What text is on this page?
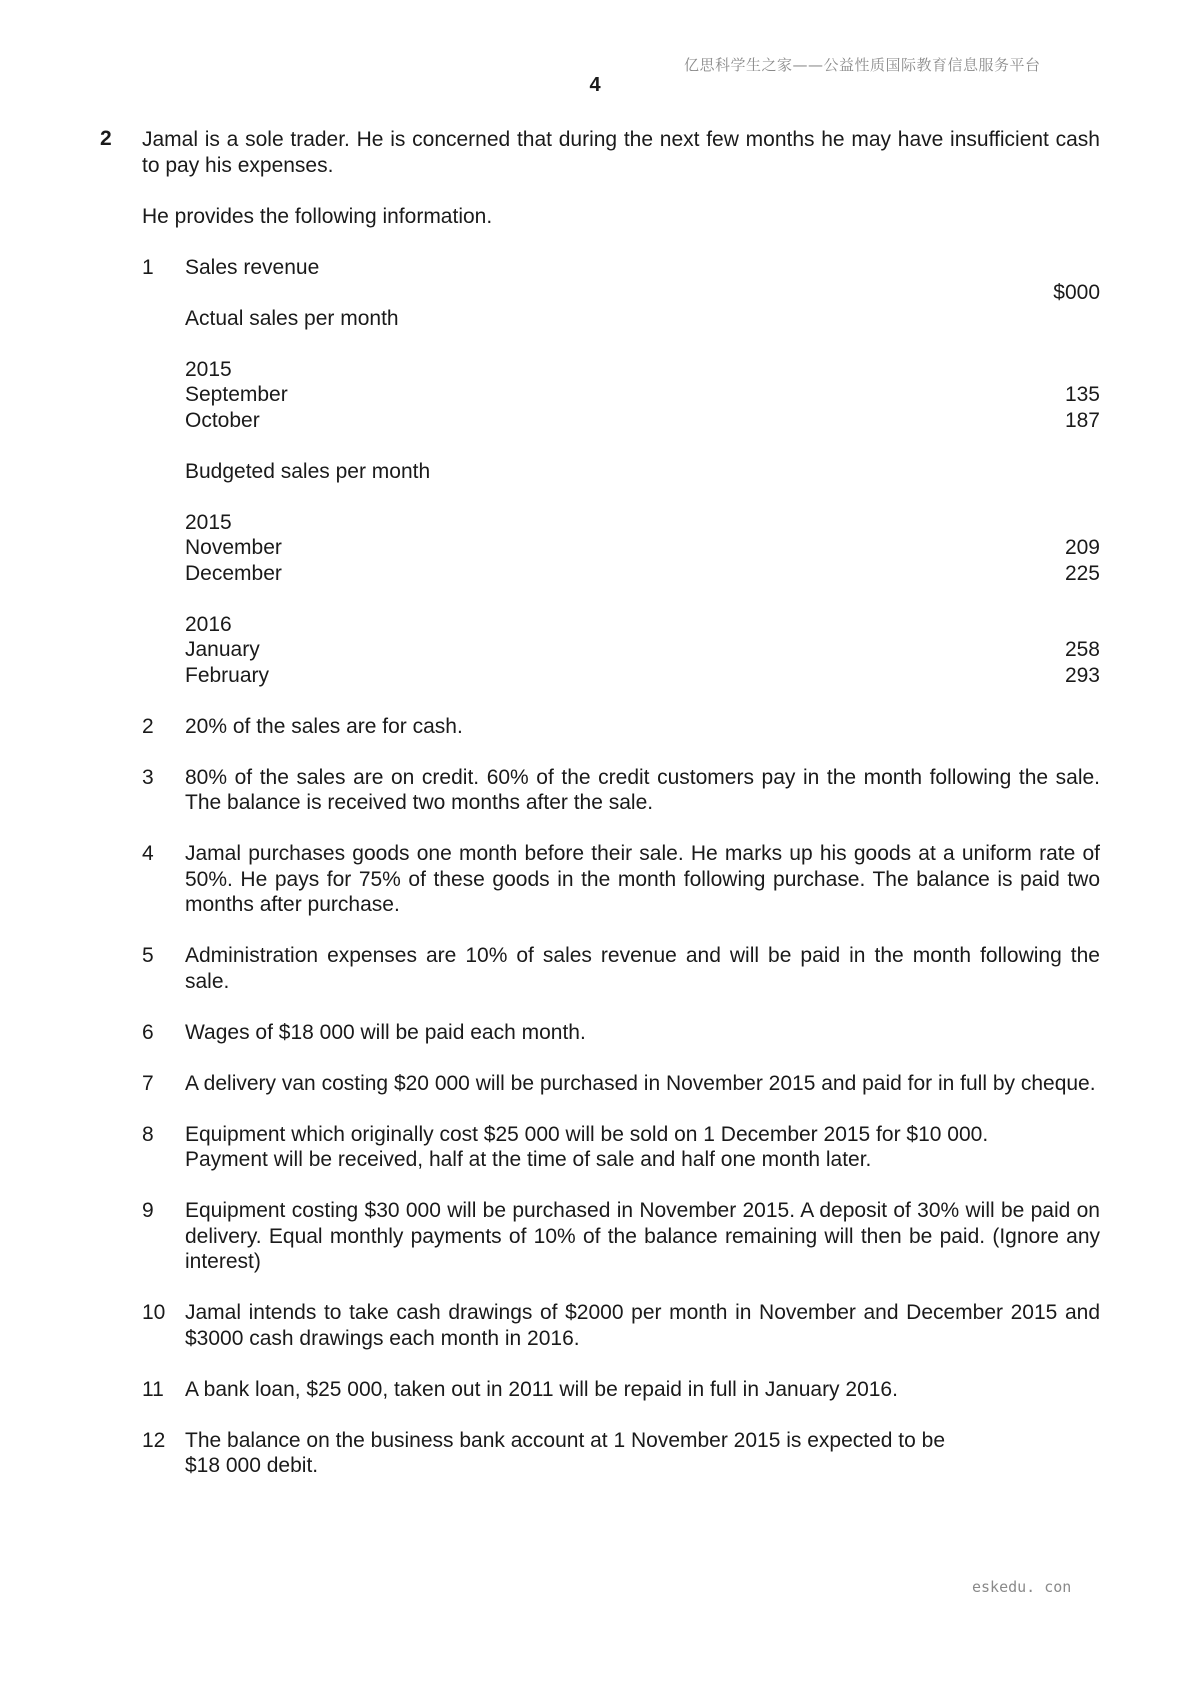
亿思科学生之家——公益性质国际教育信息服务平台
4
2 Jamal is a sole trader. He is concerned that during the next few months he may have insufficient cash to pay his expenses.

He provides the following information.

1	Sales revenue
$000
Actual sales per month
2015
September	135
October	187
Budgeted sales per month
2015
November	209
December	225
2016
January	258
February	293
2	20% of the sales are for cash.
3	80% of the sales are on credit. 60% of the credit customers pay in the month following the sale. The balance is received two months after the sale.
4	Jamal purchases goods one month before their sale. He marks up his goods at a uniform rate of 50%. He pays for 75% of these goods in the month following purchase. The balance is paid two months after purchase.
5	Administration expenses are 10% of sales revenue and will be paid in the month following the sale.
6	Wages of $18 000 will be paid each month.
7	A delivery van costing $20 000 will be purchased in November 2015 and paid for in full by cheque.
8	Equipment which originally cost $25 000 will be sold on 1 December 2015 for $10 000.
Payment will be received, half at the time of sale and half one month later.
9	Equipment costing $30 000 will be purchased in November 2015. A deposit of 30% will be paid on delivery. Equal monthly payments of 10% of the balance remaining will then be paid. (Ignore any interest)
10 Jamal intends to take cash drawings of $2000 per month in November and December 2015 and $3000 cash drawings each month in 2016.
11	A bank loan, $25 000, taken out in 2011 will be repaid in full in January 2016.
12 The balance on the business bank account at 1 November 2015 is expected to be
$18 000 debit.
eskedu. con
